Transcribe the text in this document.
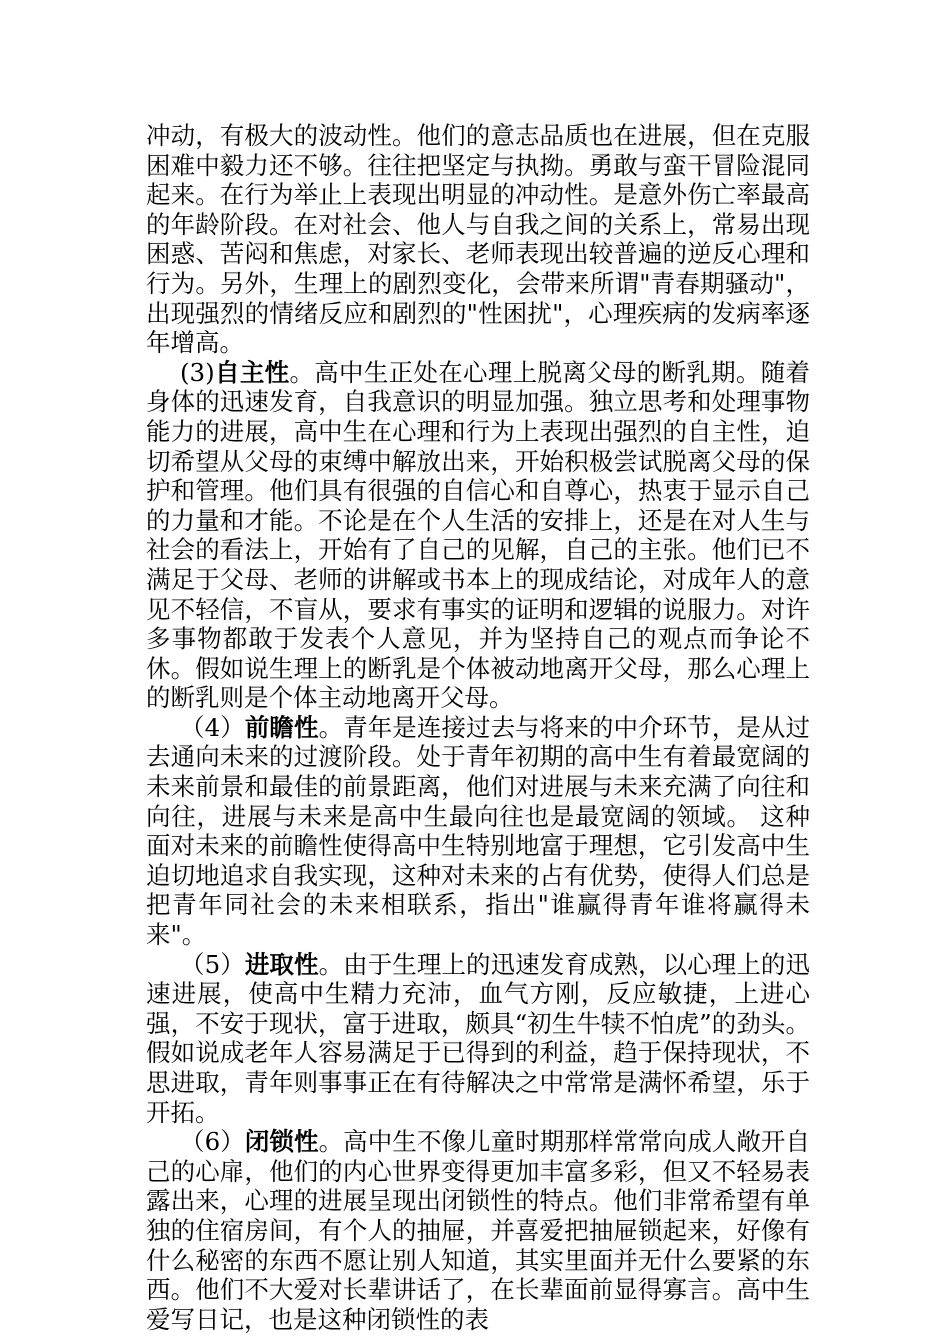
冲动，有极大的波动性。他们的意志品质也在进展，但在克服困难中毅力还不够。往往把坚定与执拗。勇敢与蛮干冒险混同起来。在行为举止上表现出明显的冲动性。是意外伤亡率最高的年龄阶段。在对社会、他人与自我之间的关系上，常易出现困惑、苦闷和焦虑，对家长、老师表现出较普遍的逆反心理和行为。另外，生理上的剧烈变化，会带来所谓"青春期骚动"，出现强烈的情绪反应和剧烈的"性困扰"，心理疾病的发病率逐年增高。

(3)自主性。高中生正处在心理上脱离父母的断乳期。随着身体的迅速发育，自我意识的明显加强。独立思考和处理事物能力的进展，高中生在心理和行为上表现出强烈的自主性，迫切希望从父母的束缚中解放出来，开始积极尝试脱离父母的保护和管理。他们具有很强的自信心和自尊心，热衷于显示自己的力量和才能。不论是在个人生活的安排上，还是在对人生与社会的看法上，开始有了自己的见解，自己的主张。他们已不满足于父母、老师的讲解或书本上的现成结论，对成年人的意见不轻信，不盲从，要求有事实的证明和逻辑的说服力。对许多事物都敢于发表个人意见，并为坚持自己的观点而争论不休。假如说生理上的断乳是个体被动地离开父母，那么心理上的断乳则是个体主动地离开父母。

（4）前瞻性。青年是连接过去与将来的中介环节，是从过去通向未来的过渡阶段。处于青年初期的高中生有着最宽阔的未来前景和最佳的前景距离，他们对进展与未来充满了向往和向往，进展与未来是高中生最向往也是最宽阔的领域。 这种面对未来的前瞻性使得高中生特别地富于理想，它引发高中生迫切地追求自我实现，这种对未来的占有优势，使得人们总是把青年同社会的未来相联系，指出"谁赢得青年谁将赢得未来"。

（5）进取性。由于生理上的迅速发育成熟，以心理上的迅速进展，使高中生精力充沛，血气方刚，反应敏捷，上进心强，不安于现状，富于进取，颇具“初生牛犊不怕虎”的劲头。假如说成老年人容易满足于已得到的利益，趋于保持现状，不思进取，青年则事事正在有待解决之中常常是满怀希望，乐于开拓。

（6）闭锁性。高中生不像儿童时期那样常常向成人敞开自己的心扉，他们的内心世界变得更加丰富多彩，但又不轻易表露出来，心理的进展呈现出闭锁性的特点。他们非常希望有单独的住宿房间，有个人的抽屉，并喜爱把抽屉锁起来，好像有什么秘密的东西不愿让别人知道，其实里面并无什么要紧的东西。他们不大爱对长辈讲话了，在长辈面前显得寡言。高中生爱写日记，也是这种闭锁性的表
